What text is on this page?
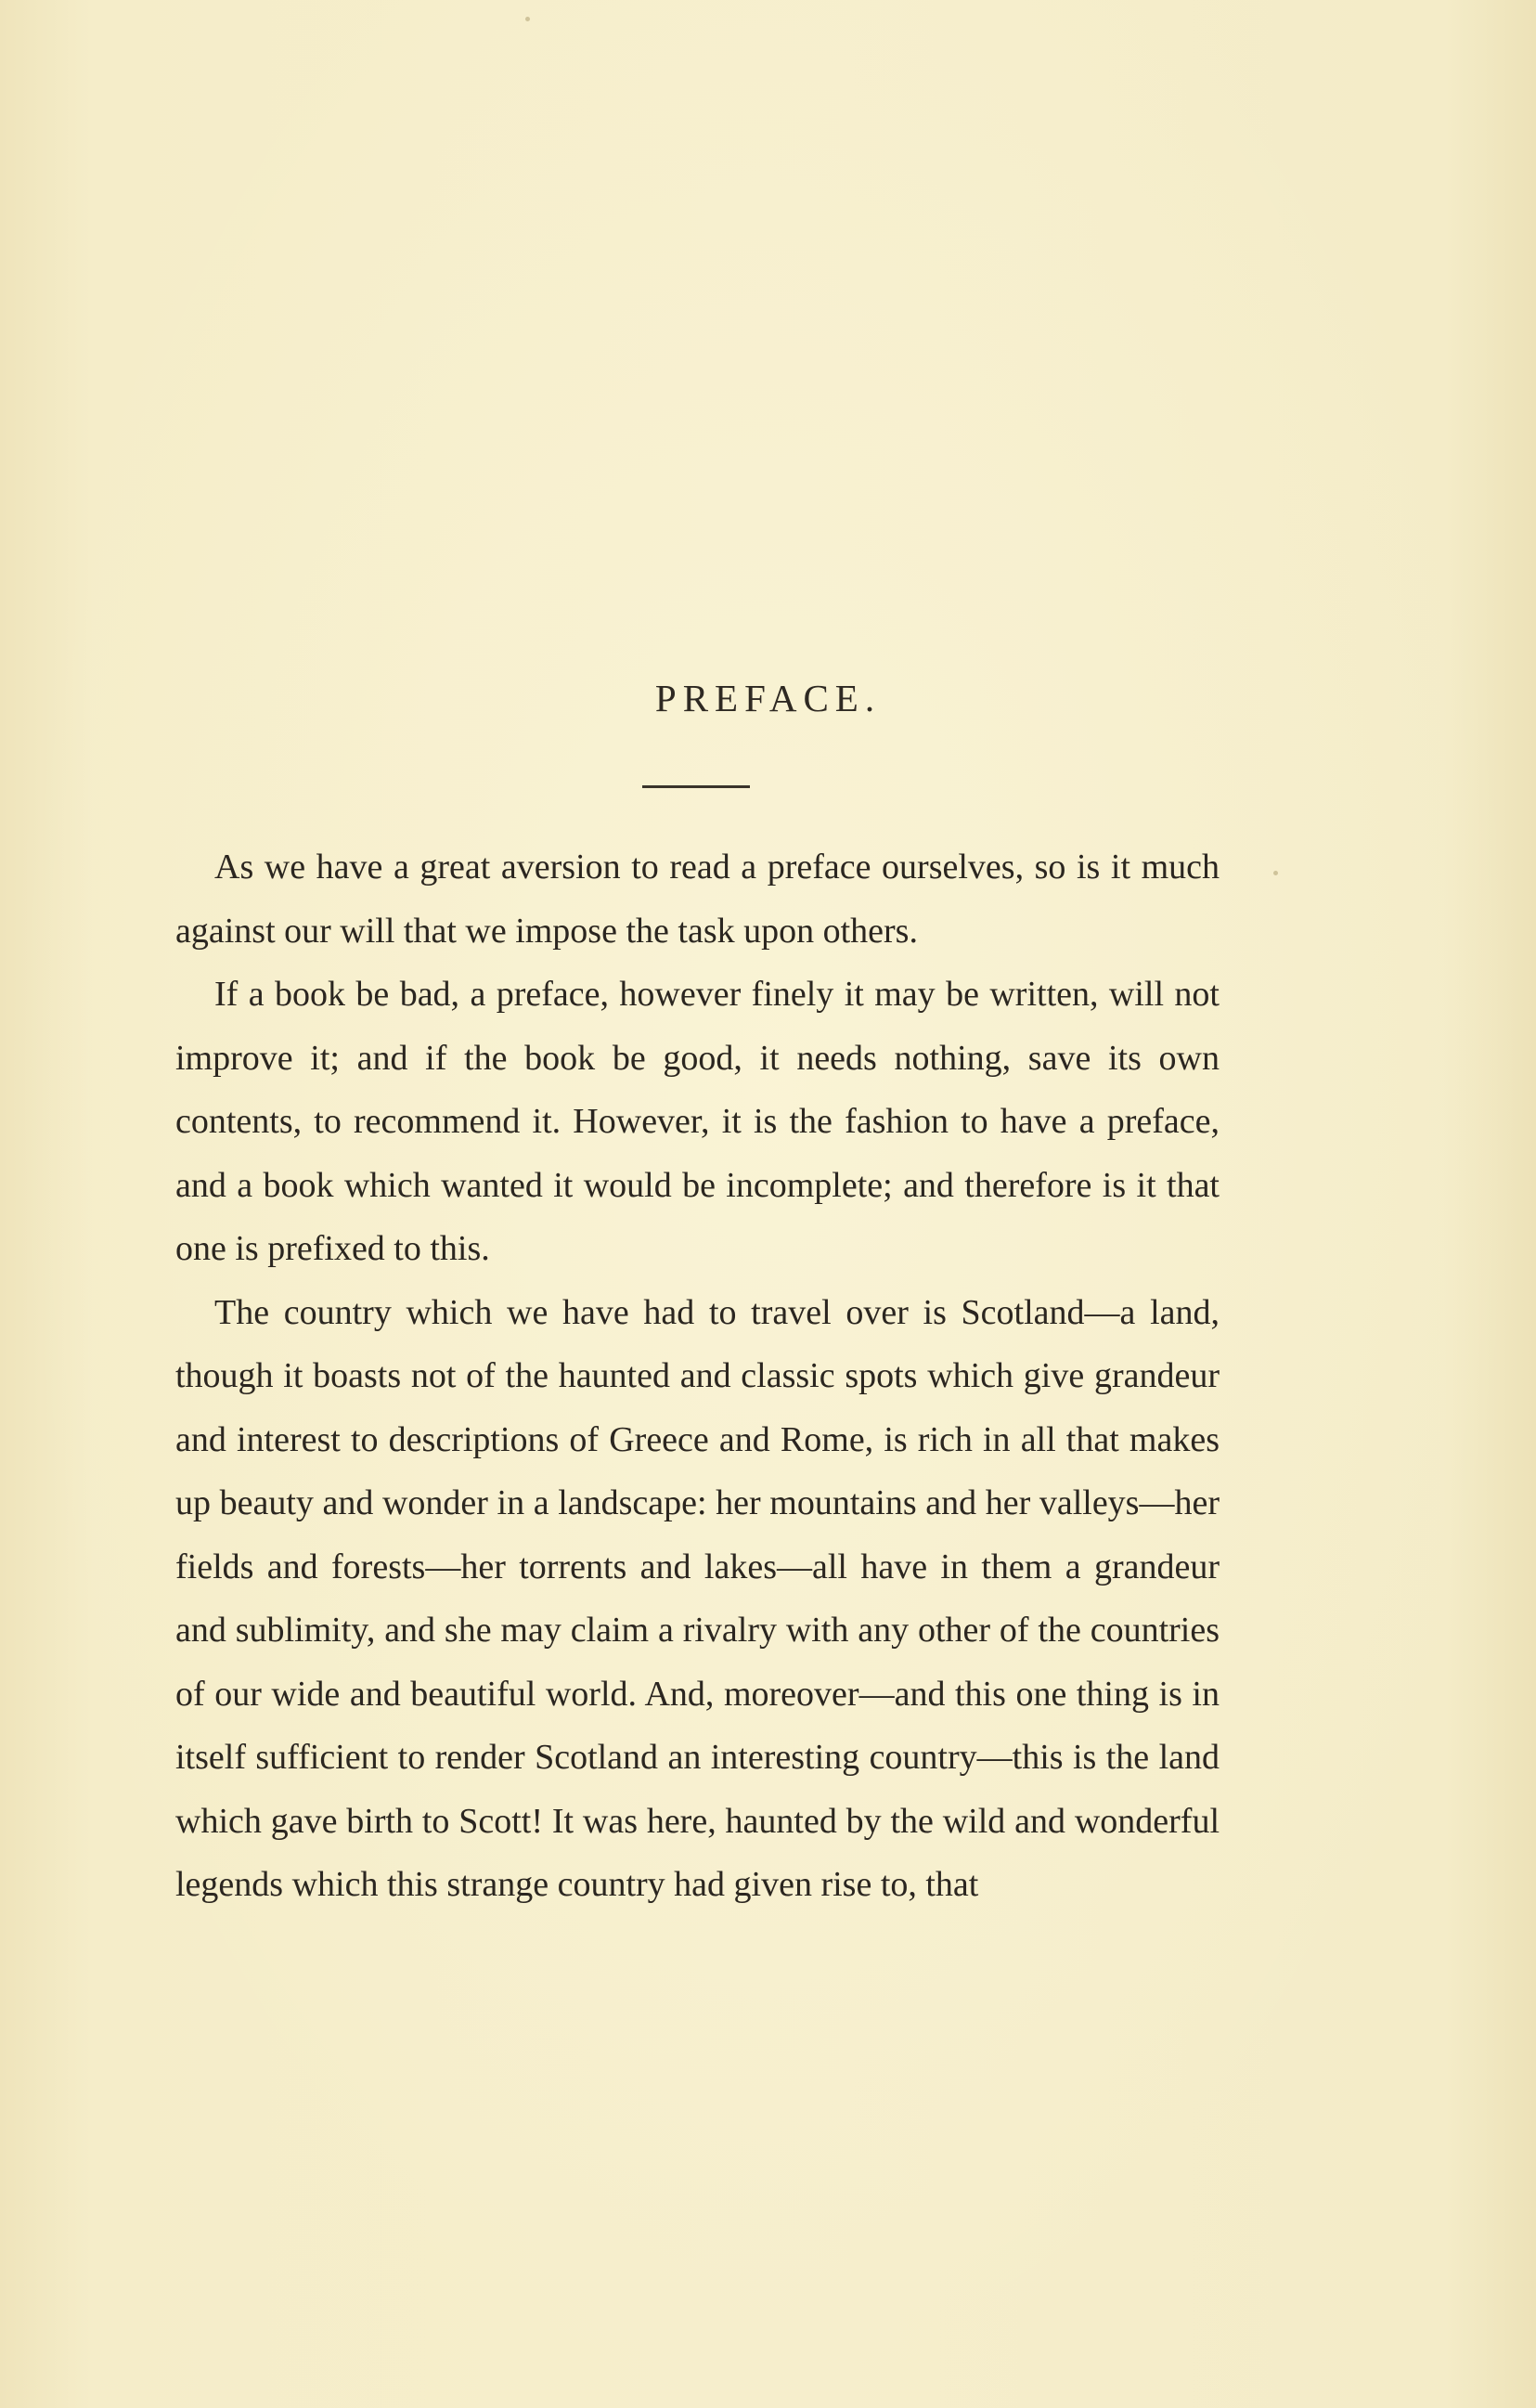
PREFACE.

As we have a great aversion to read a preface ourselves, so is it much against our will that we impose the task upon others.

If a book be bad, a preface, however finely it may be written, will not improve it; and if the book be good, it needs nothing, save its own contents, to recommend it. However, it is the fashion to have a preface, and a book which wanted it would be incomplete; and therefore is it that one is prefixed to this.

The country which we have had to travel over is Scotland—a land, though it boasts not of the haunted and classic spots which give grandeur and interest to descriptions of Greece and Rome, is rich in all that makes up beauty and wonder in a landscape: her mountains and her valleys—her fields and forests—her torrents and lakes—all have in them a grandeur and sublimity, and she may claim a rivalry with any other of the countries of our wide and beautiful world. And, moreover—and this one thing is in itself sufficient to render Scotland an interesting country—this is the land which gave birth to Scott! It was here, haunted by the wild and wonderful legends which this strange country had given rise to, that
